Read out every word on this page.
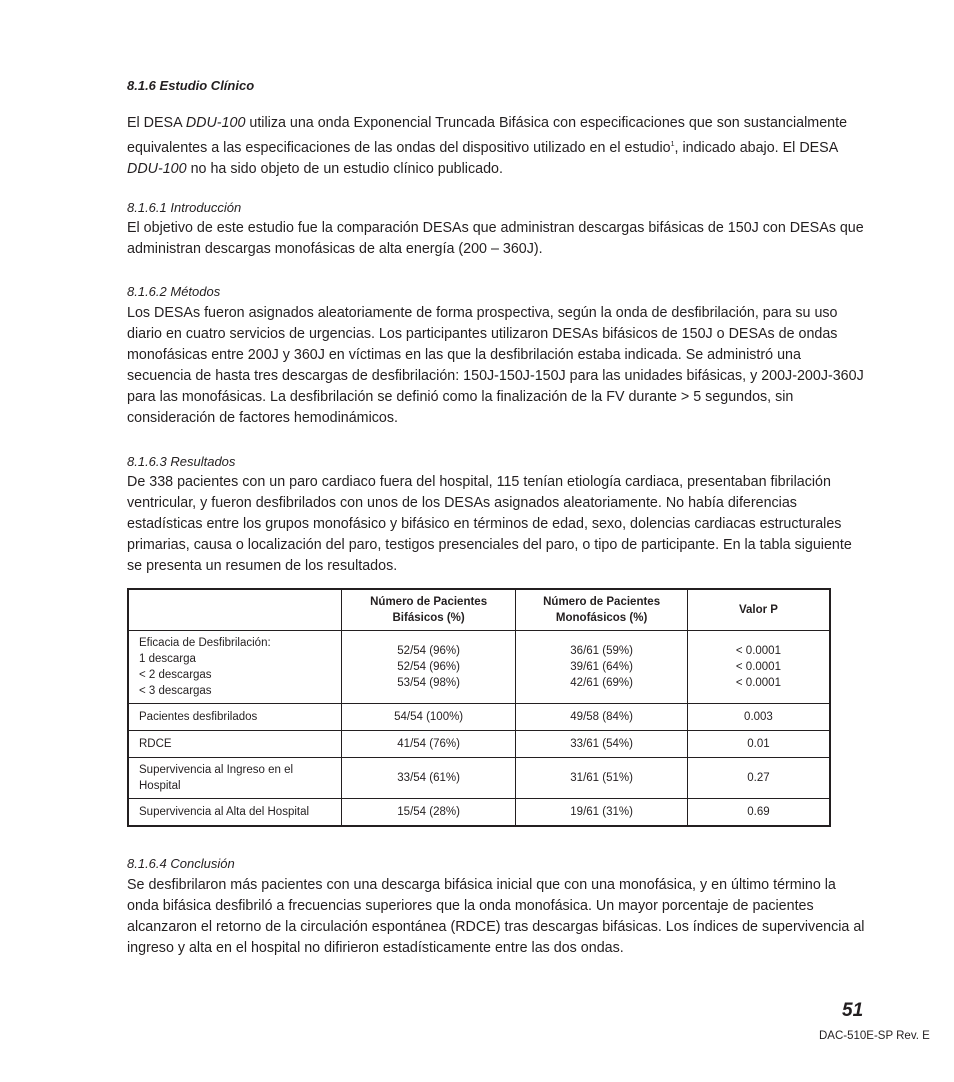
8.1.6 Estudio Clínico
El DESA DDU-100 utiliza una onda Exponencial Truncada Bifásica con especificaciones que son sustancialmente equivalentes a las especificaciones de las ondas del dispositivo utilizado en el estudio$^1$, indicado abajo. El DESA DDU-100 no ha sido objeto de un estudio clínico publicado.
8.1.6.1 Introducción
El objetivo de este estudio fue la comparación DESAs que administran descargas bifásicas de 150J con DESAs que administran descargas monofásicas de alta energía (200 – 360J).
8.1.6.2 Métodos
Los DESAs fueron asignados aleatoriamente de forma prospectiva, según la onda de desfibrilación, para su uso diario en cuatro servicios de urgencias. Los participantes utilizaron DESAs bifásicos de 150J o DESAs de ondas monofásicas entre 200J y 360J en víctimas en las que la desfibrilación estaba indicada. Se administró una secuencia de hasta tres descargas de desfibrilación: 150J-150J-150J para las unidades bifásicas, y 200J-200J-360J para las monofásicas. La desfibrilación se definió como la finalización de la FV durante > 5 segundos, sin consideración de factores hemodinámicos.
8.1.6.3 Resultados
De 338 pacientes con un paro cardiaco fuera del hospital, 115 tenían etiología cardiaca, presentaban fibrilación ventricular, y fueron desfibrilados con unos de los DESAs asignados aleatoriamente. No había diferencias estadísticas entre los grupos monofásico y bifásico en términos de edad, sexo, dolencias cardiacas estructurales primarias, causa o localización del paro, testigos presenciales del paro, o tipo de participante. En la tabla siguiente se presenta un resumen de los resultados.

	Número de Pacientes
Bifásicos (%)	Número de Pacientes
Monofásicos (%)	Valor P

Eficacia de Desfibrilación:
1 descarga
< 2 descargas
< 3 descargas	52/54 (96%)
52/54 (96%)
53/54 (98%)	36/61 (59%)
39/61 (64%)
42/61 (69%)	< 0.0001
< 0.0001
< 0.0001

Pacientes desfibrilados	54/54 (100%)	49/58 (84%)	0.003
RDCE	41/54 (76%)	33/61 (54%)	0.01
Supervivencia al Ingreso en el Hospital	33/54 (61%)	31/61 (51%)	0.27
Supervivencia al Alta del Hospital	15/54 (28%)	19/61 (31%)	0.69
8.1.6.4 Conclusión
Se desfibrilaron más pacientes con una descarga bifásica inicial que con una monofásica, y en último término la onda bifásica desfibriló a frecuencias superiores que la onda monofásica. Un mayor porcentaje de pacientes alcanzaron el retorno de la circulación espontánea (RDCE) tras descargas bifásicas. Los índices de supervivencia al ingreso y alta en el hospital no difirieron estadísticamente entre las dos ondas.
51
DAC-510E-SP Rev. E
